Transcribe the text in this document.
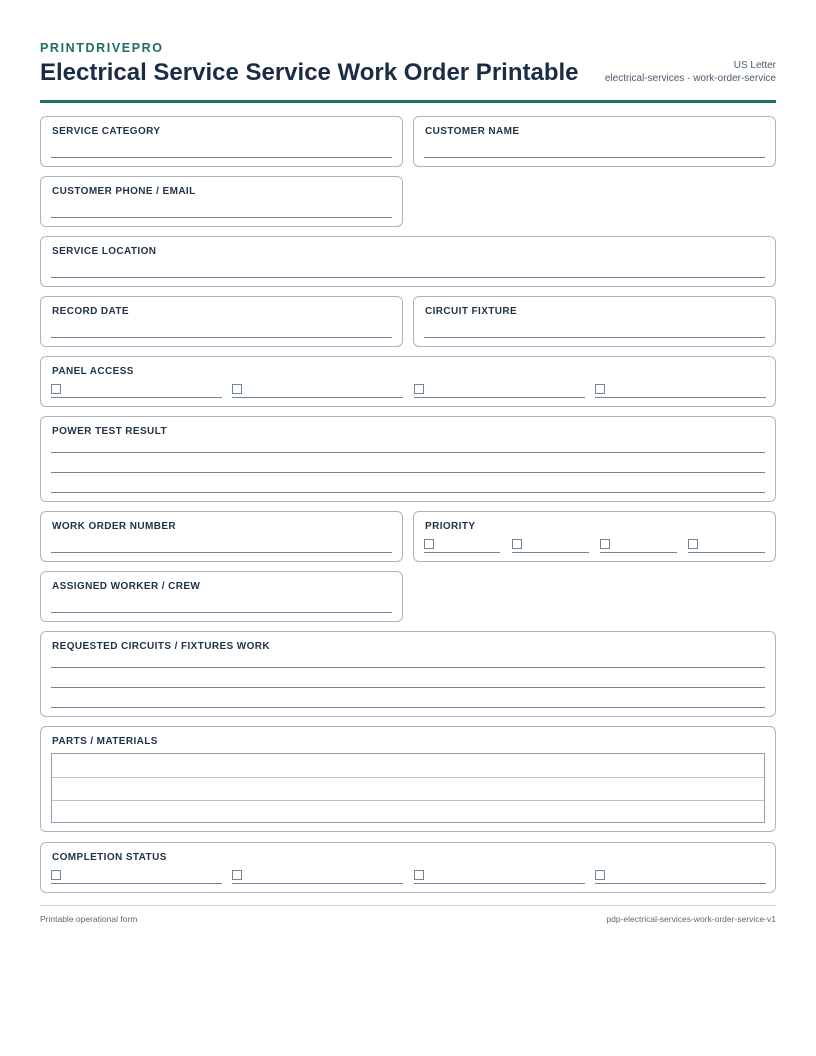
PRINTDRIVEPRO
Electrical Service Service Work Order Printable	US Letter
electrical-services · work-order-service
SERVICE CATEGORY	CUSTOMER NAME
CUSTOMER PHONE / EMAIL
SERVICE LOCATION
RECORD DATE	CIRCUIT FIXTURE
PANEL ACCESS
POWER TEST RESULT
WORK ORDER NUMBER	PRIORITY
ASSIGNED WORKER / CREW
REQUESTED CIRCUITS / FIXTURES WORK
PARTS / MATERIALS
COMPLETION STATUS
Printable operational form	pdp-electrical-services-work-order-service-v1
